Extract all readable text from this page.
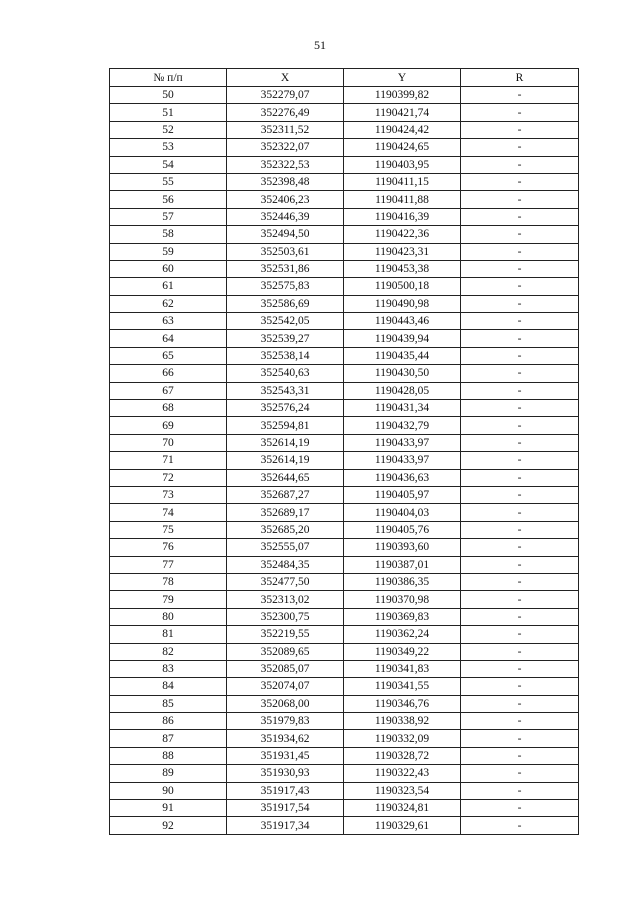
51
№ п/п	X	Y	R
50	352279,07	1190399,82	-
51	352276,49	1190421,74	-
52	352311,52	1190424,42	-
53	352322,07	1190424,65	-
54	352322,53	1190403,95	-
55	352398,48	1190411,15	-
56	352406,23	1190411,88	-
57	352446,39	1190416,39	-
58	352494,50	1190422,36	-
59	352503,61	1190423,31	-
60	352531,86	1190453,38	-
61	352575,83	1190500,18	-
62	352586,69	1190490,98	-
63	352542,05	1190443,46	-
64	352539,27	1190439,94	-
65	352538,14	1190435,44	-
66	352540,63	1190430,50	-
67	352543,31	1190428,05	-
68	352576,24	1190431,34	-
69	352594,81	1190432,79	-
70	352614,19	1190433,97	-
71	352614,19	1190433,97	-
72	352644,65	1190436,63	-
73	352687,27	1190405,97	-
74	352689,17	1190404,03	-
75	352685,20	1190405,76	-
76	352555,07	1190393,60	-
77	352484,35	1190387,01	-
78	352477,50	1190386,35	-
79	352313,02	1190370,98	-
80	352300,75	1190369,83	-
81	352219,55	1190362,24	-
82	352089,65	1190349,22	-
83	352085,07	1190341,83	-
84	352074,07	1190341,55	-
85	352068,00	1190346,76	-
86	351979,83	1190338,92	-
87	351934,62	1190332,09	-
88	351931,45	1190328,72	-
89	351930,93	1190322,43	-
90	351917,43	1190323,54	-
91	351917,54	1190324,81	-
92	351917,34	1190329,61	-
